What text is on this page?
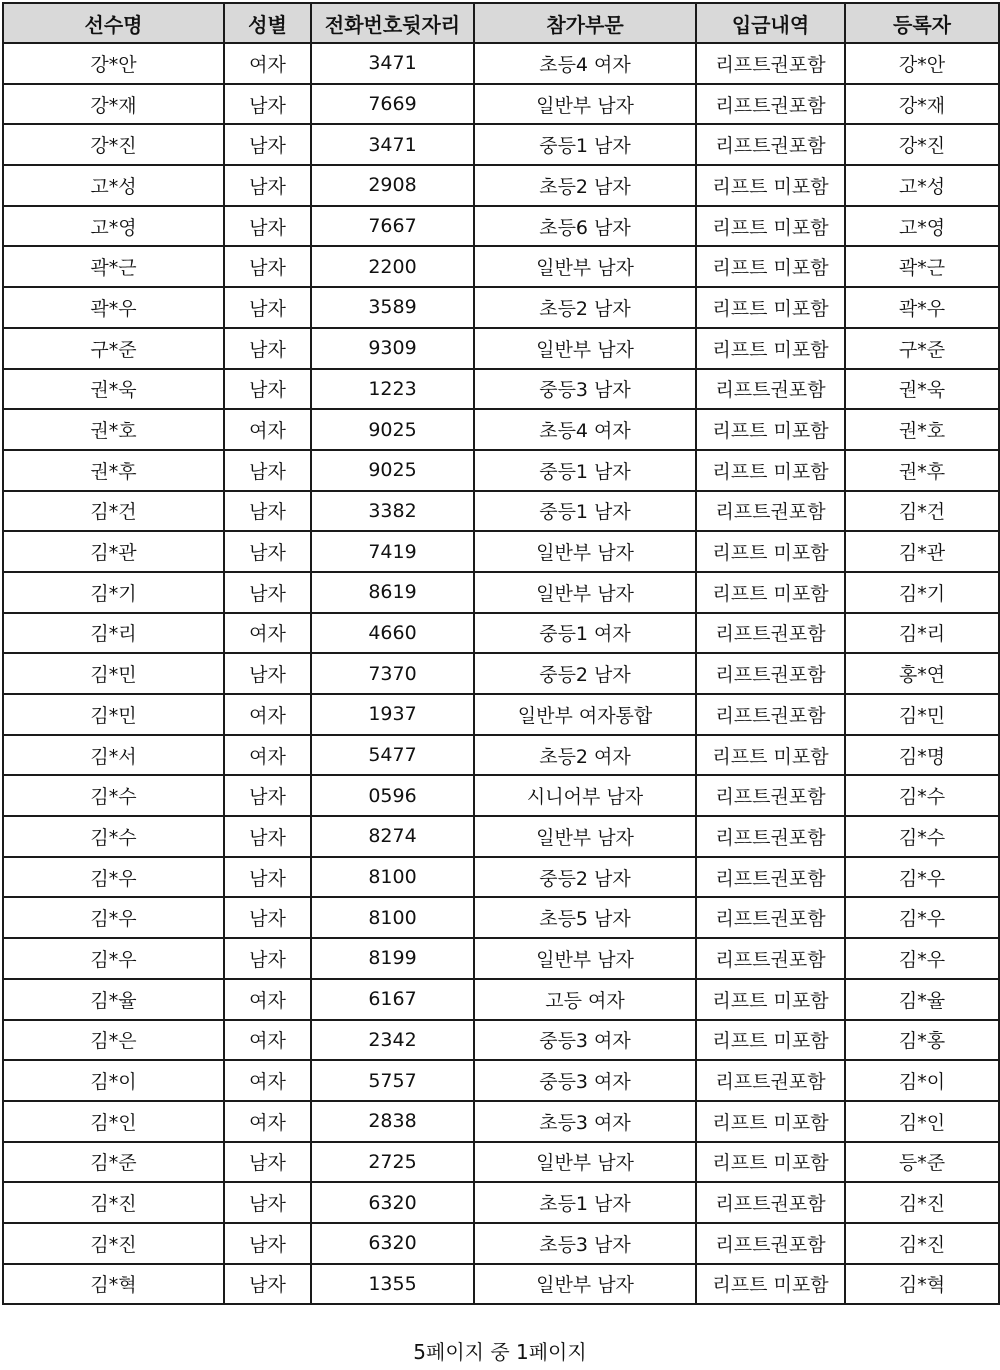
선수명	성별	전화번호뒷자리	참가부문	입금내역	등록자
강*안	여자	3471	초등4 여자	리프트권포함	강*안
강*재	남자	7669	일반부 남자	리프트권포함	강*재
강*진	남자	3471	중등1 남자	리프트권포함	강*진
고*성	남자	2908	초등2 남자	리프트 미포함	고*성
고*영	남자	7667	초등6 남자	리프트 미포함	고*영
곽*근	남자	2200	일반부 남자	리프트 미포함	곽*근
곽*우	남자	3589	초등2 남자	리프트 미포함	곽*우
구*준	남자	9309	일반부 남자	리프트 미포함	구*준
권*욱	남자	1223	중등3 남자	리프트권포함	권*욱
권*호	여자	9025	초등4 여자	리프트 미포함	권*호
권*후	남자	9025	중등1 남자	리프트 미포함	권*후
김*건	남자	3382	중등1 남자	리프트권포함	김*건
김*관	남자	7419	일반부 남자	리프트 미포함	김*관
김*기	남자	8619	일반부 남자	리프트 미포함	김*기
김*리	여자	4660	중등1 여자	리프트권포함	김*리
김*민	남자	7370	중등2 남자	리프트권포함	홍*연
김*민	여자	1937	일반부 여자통합	리프트권포함	김*민
김*서	여자	5477	초등2 여자	리프트 미포함	김*명
김*수	남자	0596	시니어부 남자	리프트권포함	김*수
김*수	남자	8274	일반부 남자	리프트권포함	김*수
김*우	남자	8100	중등2 남자	리프트권포함	김*우
김*우	남자	8100	초등5 남자	리프트권포함	김*우
김*우	남자	8199	일반부 남자	리프트권포함	김*우
김*율	여자	6167	고등 여자	리프트 미포함	김*율
김*은	여자	2342	중등3 여자	리프트 미포함	김*홍
김*이	여자	5757	중등3 여자	리프트권포함	김*이
김*인	여자	2838	초등3 여자	리프트 미포함	김*인
김*준	남자	2725	일반부 남자	리프트 미포함	등*준
김*진	남자	6320	초등1 남자	리프트권포함	김*진
김*진	남자	6320	초등3 남자	리프트권포함	김*진
김*혁	남자	1355	일반부 남자	리프트 미포함	김*혁
5페이지 중 1페이지
